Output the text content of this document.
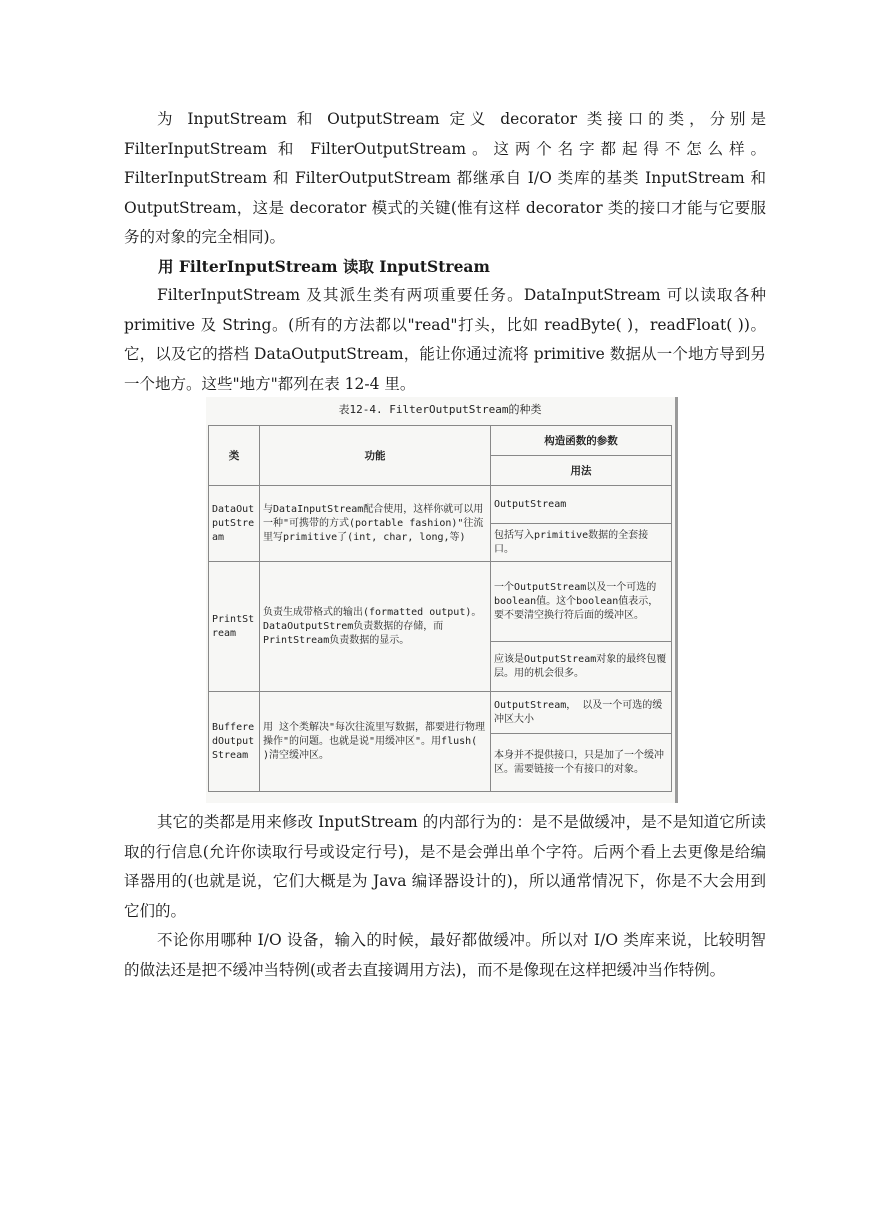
为 InputStream 和 OutputStream 定义 decorator 类接口的类，分别是 FilterInputStream 和 FilterOutputStream。这两个名字都起得不怎么样。FilterInputStream 和 FilterOutputStream 都继承自 I/O 类库的基类 InputStream 和 OutputStream，这是 decorator 模式的关键(惟有这样 decorator 类的接口才能与它要服务的对象的完全相同)。

用 FilterInputStream 读取 InputStream

FilterInputStream 及其派生类有两项重要任务。DataInputStream 可以读取各种 primitive 及 String。(所有的方法都以"read"打头，比如 readByte( )，readFloat( ))。它，以及它的搭档 DataOutputStream，能让你通过流将 primitive 数据从一个地方导到另一个地方。这些"地方"都列在表 12-4 里。

表12-4. FilterOutputStream的种类
类	功能	构造函数的参数
		用法
DataOutputStream	与DataInputStream配合使用，这样你就可以用一种"可携带的方式(portable fashion)"往流里写primitive了(int, char, long,等)	OutputStream
		包括写入primitive数据的全套接口。
PrintStream	负责生成带格式的输出(formatted output)。DataOutputStrem负责数据的存储，而PrintStream负责数据的显示。	一个OutputStream以及一个可选的boolean值。这个boolean值表示，要不要清空换行符后面的缓冲区。
		应该是OutputStream对象的最终包覆层。用的机会很多。
BufferedOutputStream	用 这个类解决"每次往流里写数据，都要进行物理操作"的问题。也就是说"用缓冲区"。用flush( )清空缓冲区。	OutputStream， 以及一个可选的缓冲区大小
		本身并不提供接口，只是加了一个缓冲区。需要链接一个有接口的对象。

其它的类都是用来修改 InputStream 的内部行为的：是不是做缓冲，是不是知道它所读取的行信息(允许你读取行号或设定行号)，是不是会弹出单个字符。后两个看上去更像是给编译器用的(也就是说，它们大概是为 Java 编译器设计的)，所以通常情况下，你是不大会用到它们的。

不论你用哪种 I/O 设备，输入的时候，最好都做缓冲。所以对 I/O 类库来说，比较明智的做法还是把不缓冲当特例(或者去直接调用方法)，而不是像现在这样把缓冲当作特例。
